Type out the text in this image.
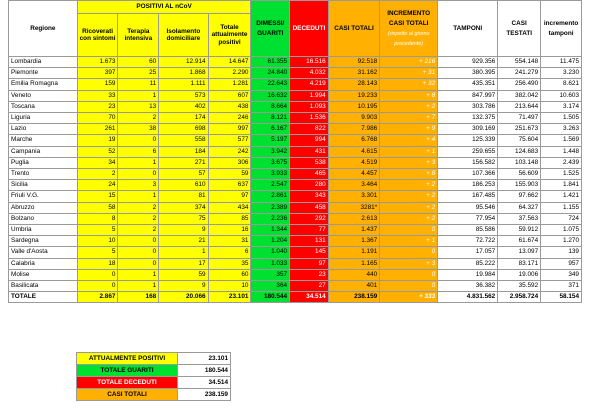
Regione	POSITIVI AL nCoV				DIMESSI/ GUARITI	DECEDUTI	CASI TOTALI	INCREMENTO CASI TOTALI
(rispetto al giorno precedente)	TAMPONI	CASI TESTATI	incremento tamponi
	Ricoverati con sintomi	Terapia intensiva	Isolamento domiciliare	Totale attualmente positivi							
Lombardia	1.673	60	12.914	14.647	61.355	16.516	92.518	+ 216	929.356	554.148	11.475
Piemonte	397	25	1.868	2.290	24.840	4.032	31.162	+ 31	380.395	241.279	3.230
Emilia Romagna	159	11	1.111	1.281	22.643	4.219	28.143	+ 32	435.351	256.490	8.621
Veneto	33	1	573	607	16.632	1.994	19.233	+ 8	847.997	382.042	10.603
Toscana	23	13	402	438	8.664	1.093	10.195	+ 2	303.786	213.644	3.174
Liguria	70	2	174	246	8.121	1.536	9.903	+ 7	132.375	71.497	1.505
Lazio	261	38	698	997	6.167	822	7.986	+ 9	309.169	251.673	3.263
Marche	19	0	558	577	5.197	994	6.768	+ 4	125.339	75.604	1.569
Campania	52	6	184	242	3.942	431	4.615	+ 1	259.655	124.683	1.448
Puglia	34	1	271	306	3.675	538	4.519	+ 3	156.582	103.148	2.439
Trento	2	0	57	59	3.933	465	4.457	+ 8	107.366	56.609	1.525
Sicilia	24	3	610	637	2.547	280	3.464	+ 2	186.253	155.903	1.841
Friuli V.G.	15	1	81	97	2.861	343	3.301	+ 2	167.485	97.662	1.421
Abruzzo	58	2	374	434	2.389	458	3281*	+ 2	95.546	64.327	1.155
Bolzano	8	2	75	85	2.236	292	2.613	+ 2	77.954	37.563	724
Umbria	5	2	9	16	1.344	77	1.437	0	85.586	59.912	1.075
Sardegna	10	0	21	31	1.204	131	1.367	+ 1	72.722	61.674	1.270
Valle d'Aosta	5	0	1	6	1.040	145	1.191	0	17.057	13.097	139
Calabria	18	0	17	35	1.033	97	1.165	+ 3	85.222	83.171	957
Molise	0	1	59	60	357	23	440	0	19.984	19.006	349
Basilicata	0	1	9	10	364	27	401	0	36.382	35.592	371
TOTALE	2.867	168	20.066	23.101	180.544	34.514	238.159	+ 333	4.831.562	2.958.724	58.154
ATTUALMENTE POSITIVI	23.101
TOTALE GUARITI	180.544
TOTALE DECEDUTI	34.514
CASI TOTALI	238.159
